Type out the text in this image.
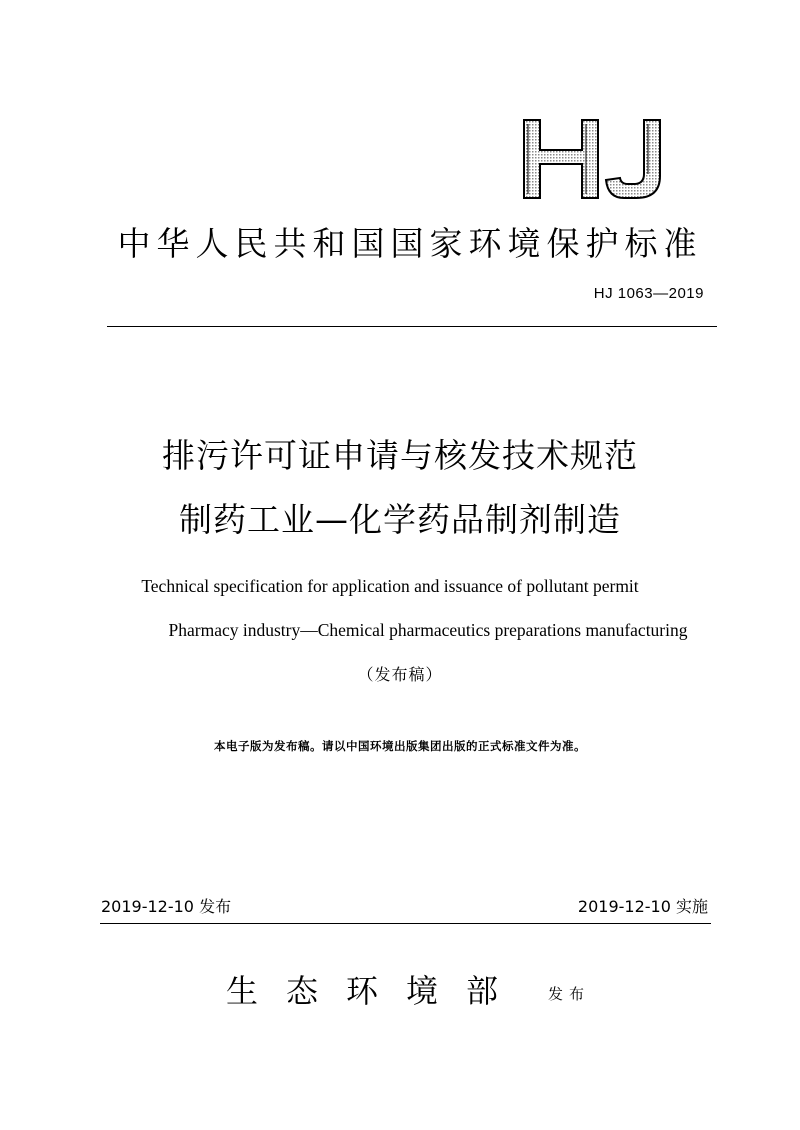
中华人民共和国国家环境保护标准
HJ 1063—2019
排污许可证申请与核发技术规范
制药工业—化学药品制剂制造
Technical specification for application and issuance of pollutant permit
Pharmacy industry—Chemical pharmaceutics preparations manufacturing
（发布稿）
本电子版为发布稿。请以中国环境出版集团出版的正式标准文件为准。
2019-12-10 发布	2019-12-10 实施
生态环境部 发布
